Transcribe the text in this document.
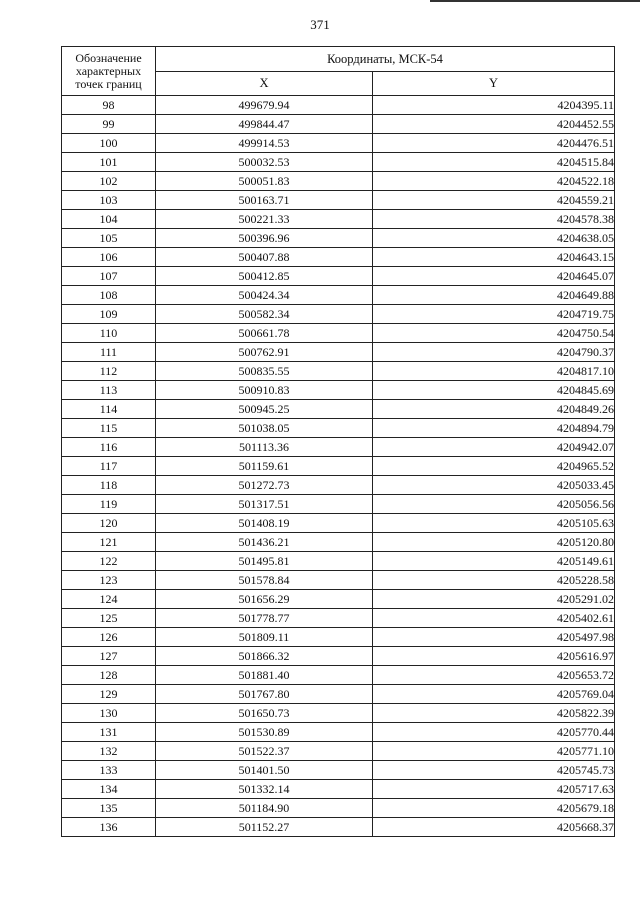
371
Обозначение
характерных
точек границ	Координаты, МСК-54	
	X	Y
98	499679.94	4204395.11
99	499844.47	4204452.55
100	499914.53	4204476.51
101	500032.53	4204515.84
102	500051.83	4204522.18
103	500163.71	4204559.21
104	500221.33	4204578.38
105	500396.96	4204638.05
106	500407.88	4204643.15
107	500412.85	4204645.07
108	500424.34	4204649.88
109	500582.34	4204719.75
110	500661.78	4204750.54
111	500762.91	4204790.37
112	500835.55	4204817.10
113	500910.83	4204845.69
114	500945.25	4204849.26
115	501038.05	4204894.79
116	501113.36	4204942.07
117	501159.61	4204965.52
118	501272.73	4205033.45
119	501317.51	4205056.56
120	501408.19	4205105.63
121	501436.21	4205120.80
122	501495.81	4205149.61
123	501578.84	4205228.58
124	501656.29	4205291.02
125	501778.77	4205402.61
126	501809.11	4205497.98
127	501866.32	4205616.97
128	501881.40	4205653.72
129	501767.80	4205769.04
130	501650.73	4205822.39
131	501530.89	4205770.44
132	501522.37	4205771.10
133	501401.50	4205745.73
134	501332.14	4205717.63
135	501184.90	4205679.18
136	501152.27	4205668.37
